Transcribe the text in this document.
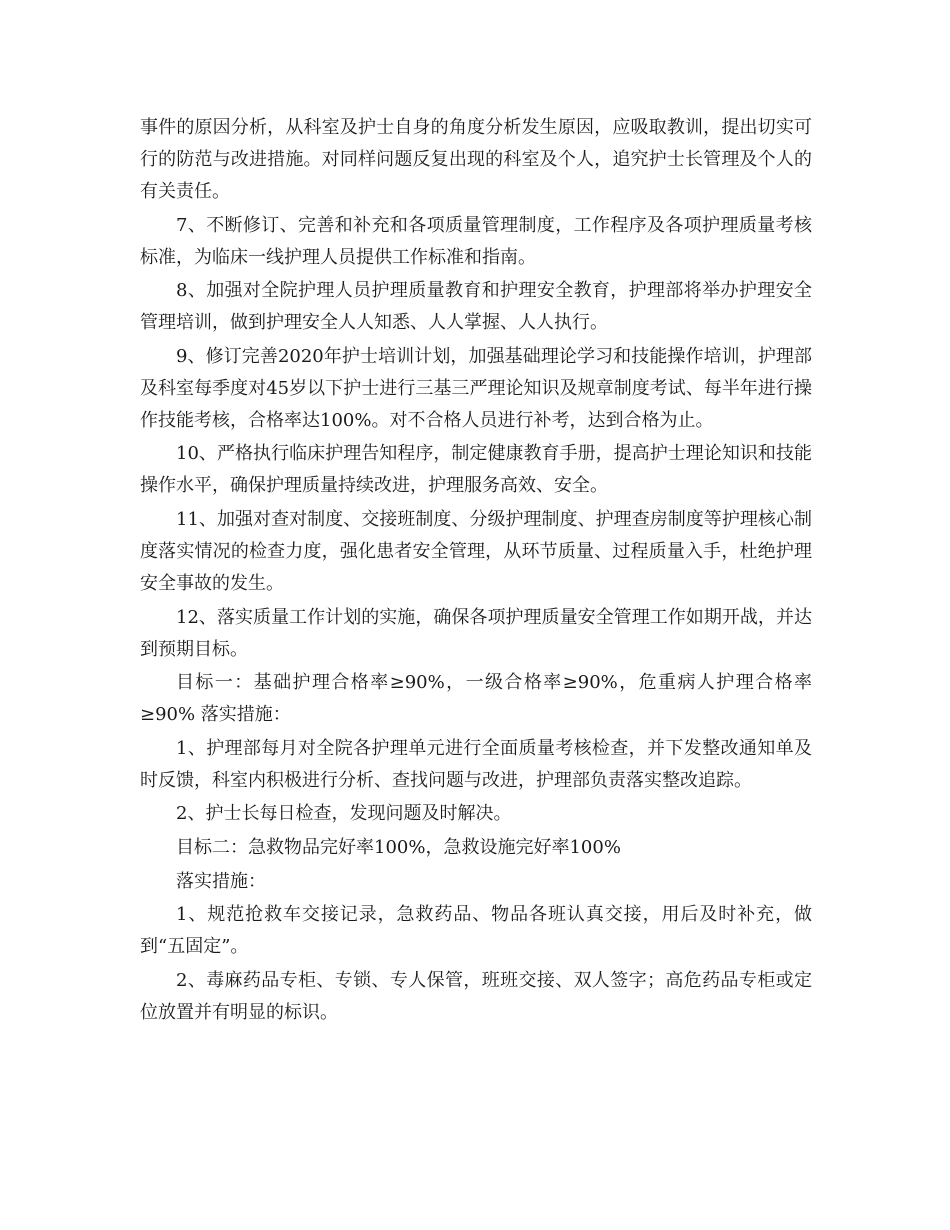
事件的原因分析，从科室及护士自身的角度分析发生原因，应吸取教训，提出切实可行的防范与改进措施。对同样问题反复出现的科室及个人，追究护士长管理及个人的有关责任。

7、不断修订、完善和补充和各项质量管理制度，工作程序及各项护理质量考核标准，为临床一线护理人员提供工作标准和指南。

8、加强对全院护理人员护理质量教育和护理安全教育，护理部将举办护理安全管理培训，做到护理安全人人知悉、人人掌握、人人执行。

9、修订完善2020年护士培训计划，加强基础理论学习和技能操作培训，护理部及科室每季度对45岁以下护士进行三基三严理论知识及规章制度考试、每半年进行操作技能考核，合格率达100%。对不合格人员进行补考，达到合格为止。

10、严格执行临床护理告知程序，制定健康教育手册，提高护士理论知识和技能操作水平，确保护理质量持续改进，护理服务高效、安全。

11、加强对查对制度、交接班制度、分级护理制度、护理查房制度等护理核心制度落实情况的检查力度，强化患者安全管理，从环节质量、过程质量入手，杜绝护理安全事故的发生。

12、落实质量工作计划的实施，确保各项护理质量安全管理工作如期开战，并达到预期目标。

目标一：基础护理合格率≥90%，一级合格率≥90%，危重病人护理合格率≥90% 落实措施：

1、护理部每月对全院各护理单元进行全面质量考核检查，并下发整改通知单及时反馈，科室内积极进行分析、查找问题与改进，护理部负责落实整改追踪。

2、护士长每日检查，发现问题及时解决。

目标二：急救物品完好率100%，急救设施完好率100%

落实措施：

1、规范抢救车交接记录，急救药品、物品各班认真交接，用后及时补充，做到“五固定”。

2、毒麻药品专柜、专锁、专人保管，班班交接、双人签字；高危药品专柜或定位放置并有明显的标识。
